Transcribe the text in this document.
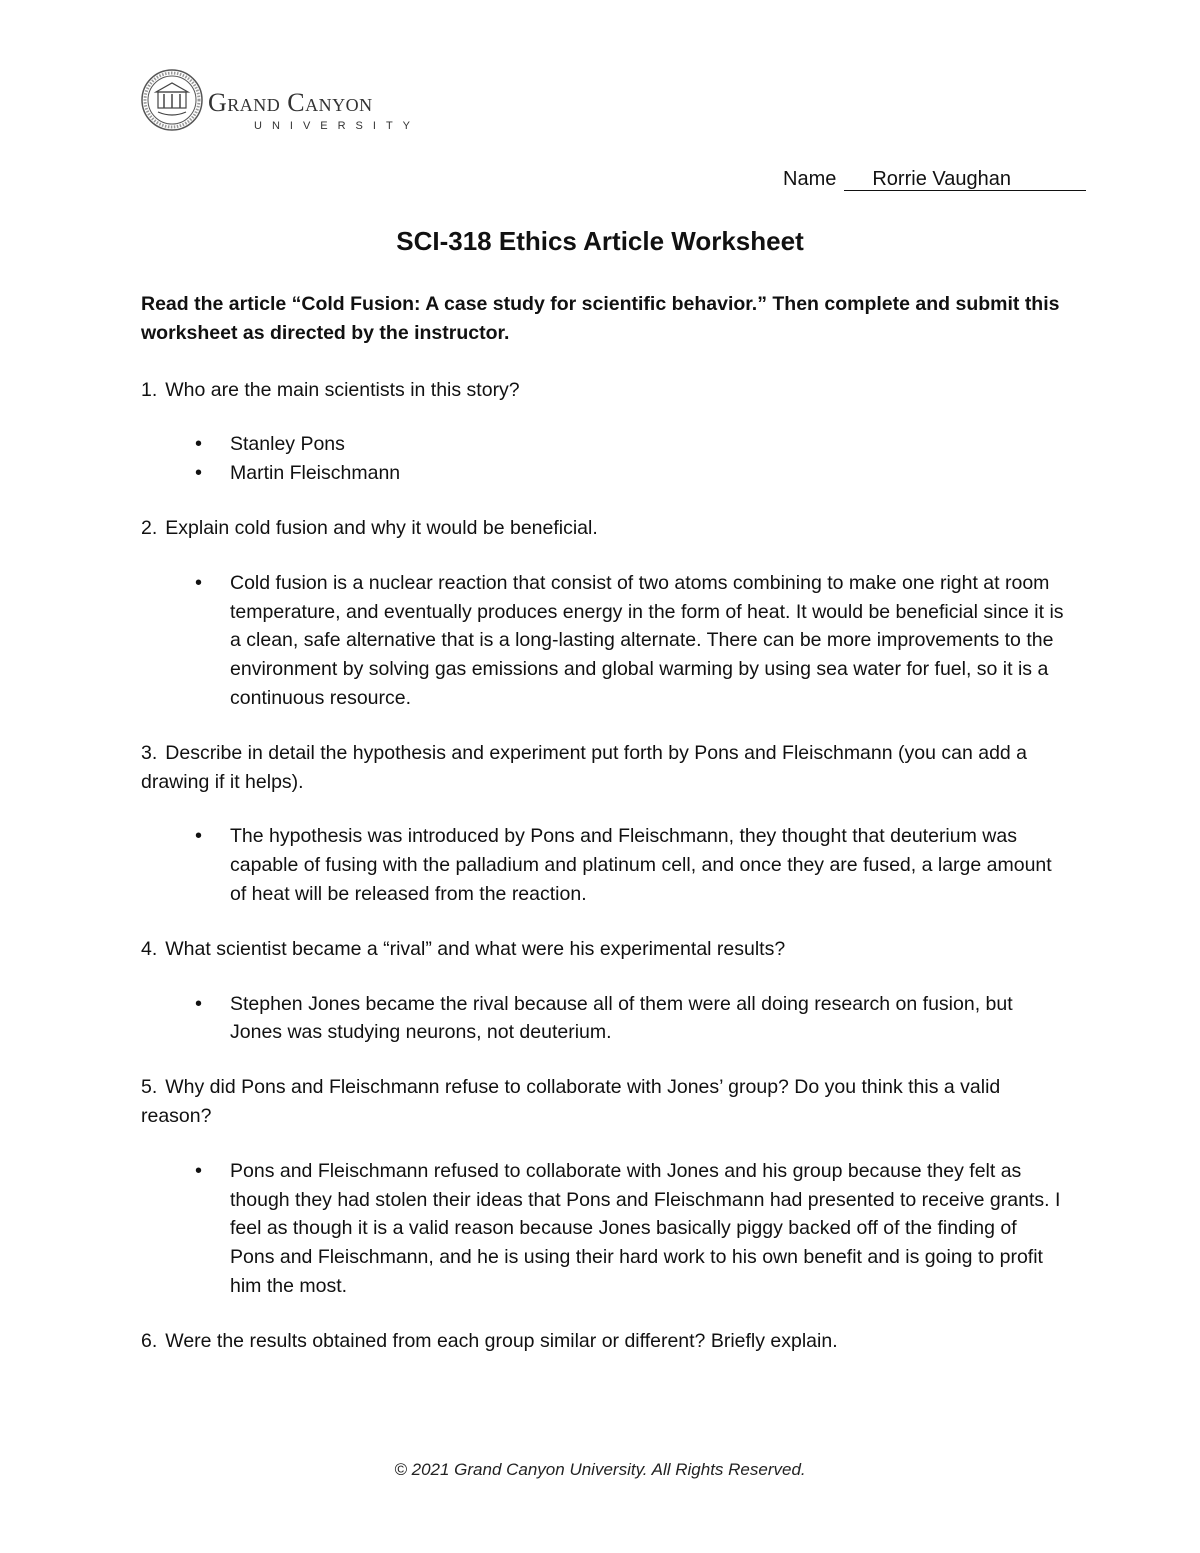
Grand Canyon
UNIVERSITY
Name	Rorrie Vaughan
SCI-318 Ethics Article Worksheet

Read the article “Cold Fusion: A case study for scientific behavior.” Then complete and submit this worksheet as directed by the instructor.

1. Who are the main scientists in this story?

• Stanley Pons
• Martin Fleischmann

2. Explain cold fusion and why it would be beneficial.

• Cold fusion is a nuclear reaction that consist of two atoms combining to make one right at room temperature, and eventually produces energy in the form of heat. It would be beneficial since it is a clean, safe alternative that is a long-lasting alternate. There can be more improvements to the environment by solving gas emissions and global warming by using sea water for fuel, so it is a continuous resource.

3. Describe in detail the hypothesis and experiment put forth by Pons and Fleischmann (you can add a drawing if it helps).

• The hypothesis was introduced by Pons and Fleischmann, they thought that deuterium was capable of fusing with the palladium and platinum cell, and once they are fused, a large amount of heat will be released from the reaction.

4. What scientist became a “rival” and what were his experimental results?

• Stephen Jones became the rival because all of them were all doing research on fusion, but Jones was studying neurons, not deuterium.

5. Why did Pons and Fleischmann refuse to collaborate with Jones’ group? Do you think this a valid reason?

• Pons and Fleischmann refused to collaborate with Jones and his group because they felt as though they had stolen their ideas that Pons and Fleischmann had presented to receive grants. I feel as though it is a valid reason because Jones basically piggy backed off of the finding of Pons and Fleischmann, and he is using their hard work to his own benefit and is going to profit him the most.

6. Were the results obtained from each group similar or different? Briefly explain.

© 2021 Grand Canyon University. All Rights Reserved.
